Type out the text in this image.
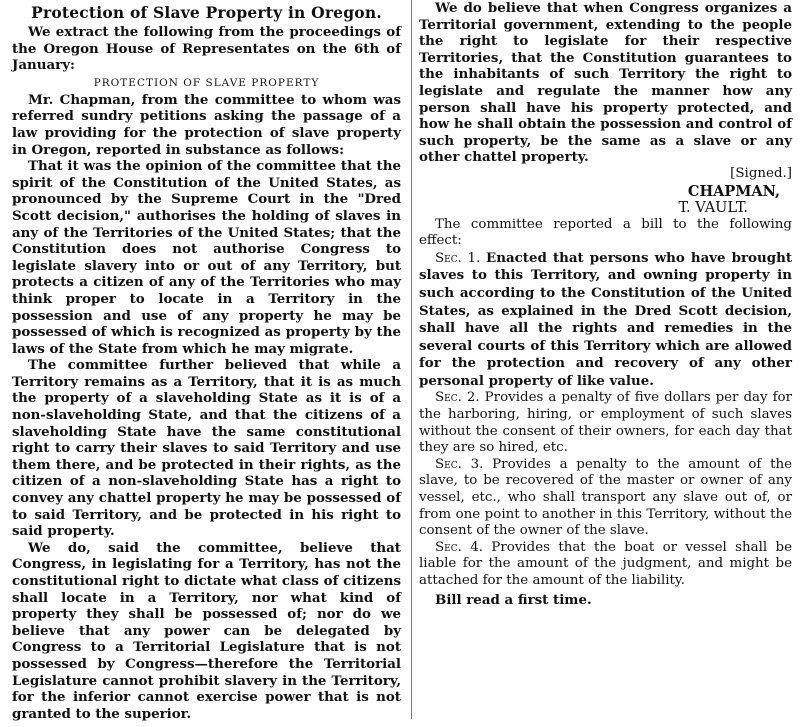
Protection of Slave Property in Oregon.

We extract the following from the proceedings of the Oregon House of Representates on the 6th of January:

PROTECTION OF SLAVE PROPERTY

Mr. Chapman, from the committee to whom was referred sundry petitions asking the passage of a law providing for the protection of slave property in Oregon, reported in substance as follows:

That it was the opinion of the committee that the spirit of the Constitution of the United States, as pronounced by the Supreme Court in the "Dred Scott decision," authorises the holding of slaves in any of the Territories of the United States; that the Constitution does not authorise Congress to legislate slavery into or out of any Territory, but protects a citizen of any of the Territories who may think proper to locate in a Territory in the possession and use of any property he may be possessed of which is recognized as property by the laws of the State from which he may migrate.

The committee further believed that while a Territory remains as a Territory, that it is as much the property of a slaveholding State as it is of a non-slaveholding State, and that the citizens of a slaveholding State have the same constitutional right to carry their slaves to said Territory and use them there, and be protected in their rights, as the citizen of a non-slaveholding State has a right to convey any chattel property he may be possessed of to said Territory, and be protected in his right to said property.

We do, said the committee, believe that Congress, in legislating for a Territory, has not the constitutional right to dictate what class of citizens shall locate in a Territory, nor what kind of property they shall be possessed of; nor do we believe that any power can be delegated by Congress to a Territorial Legislature that is not possessed by Congress—therefore the Territorial Legislature cannot prohibit slavery in the Territory, for the inferior cannot exercise power that is not granted to the superior.

We do believe that when Congress organizes a Territorial government, extending to the people the right to legislate for their respective Territories, that the Constitution guarantees to the inhabitants of such Territory the right to legislate and regulate the manner how any person shall have his property protected, and how he shall obtain the possession and control of such property, be the same as a slave or any other chattel property.

[Signed.]

CHAPMAN,
T. VAULT.

The committee reported a bill to the following effect:

Sec. 1. Enacted that persons who have brought slaves to this Territory, and owning property in such according to the Constitution of the United States, as explained in the Dred Scott decision, shall have all the rights and remedies in the several courts of this Territory which are allowed for the protection and recovery of any other personal property of like value.

Sec. 2. Provides a penalty of five dollars per day for the harboring, hiring, or employment of such slaves without the consent of their owners, for each day that they are so hired, etc.

Sec. 3. Provides a penalty to the amount of the slave, to be recovered of the master or owner of any vessel, etc., who shall transport any slave out of, or from one point to another in this Territory, without the consent of the owner of the slave.

Sec. 4. Provides that the boat or vessel shall be liable for the amount of the judgment, and might be attached for the amount of the liability.

Bill read a first time.
